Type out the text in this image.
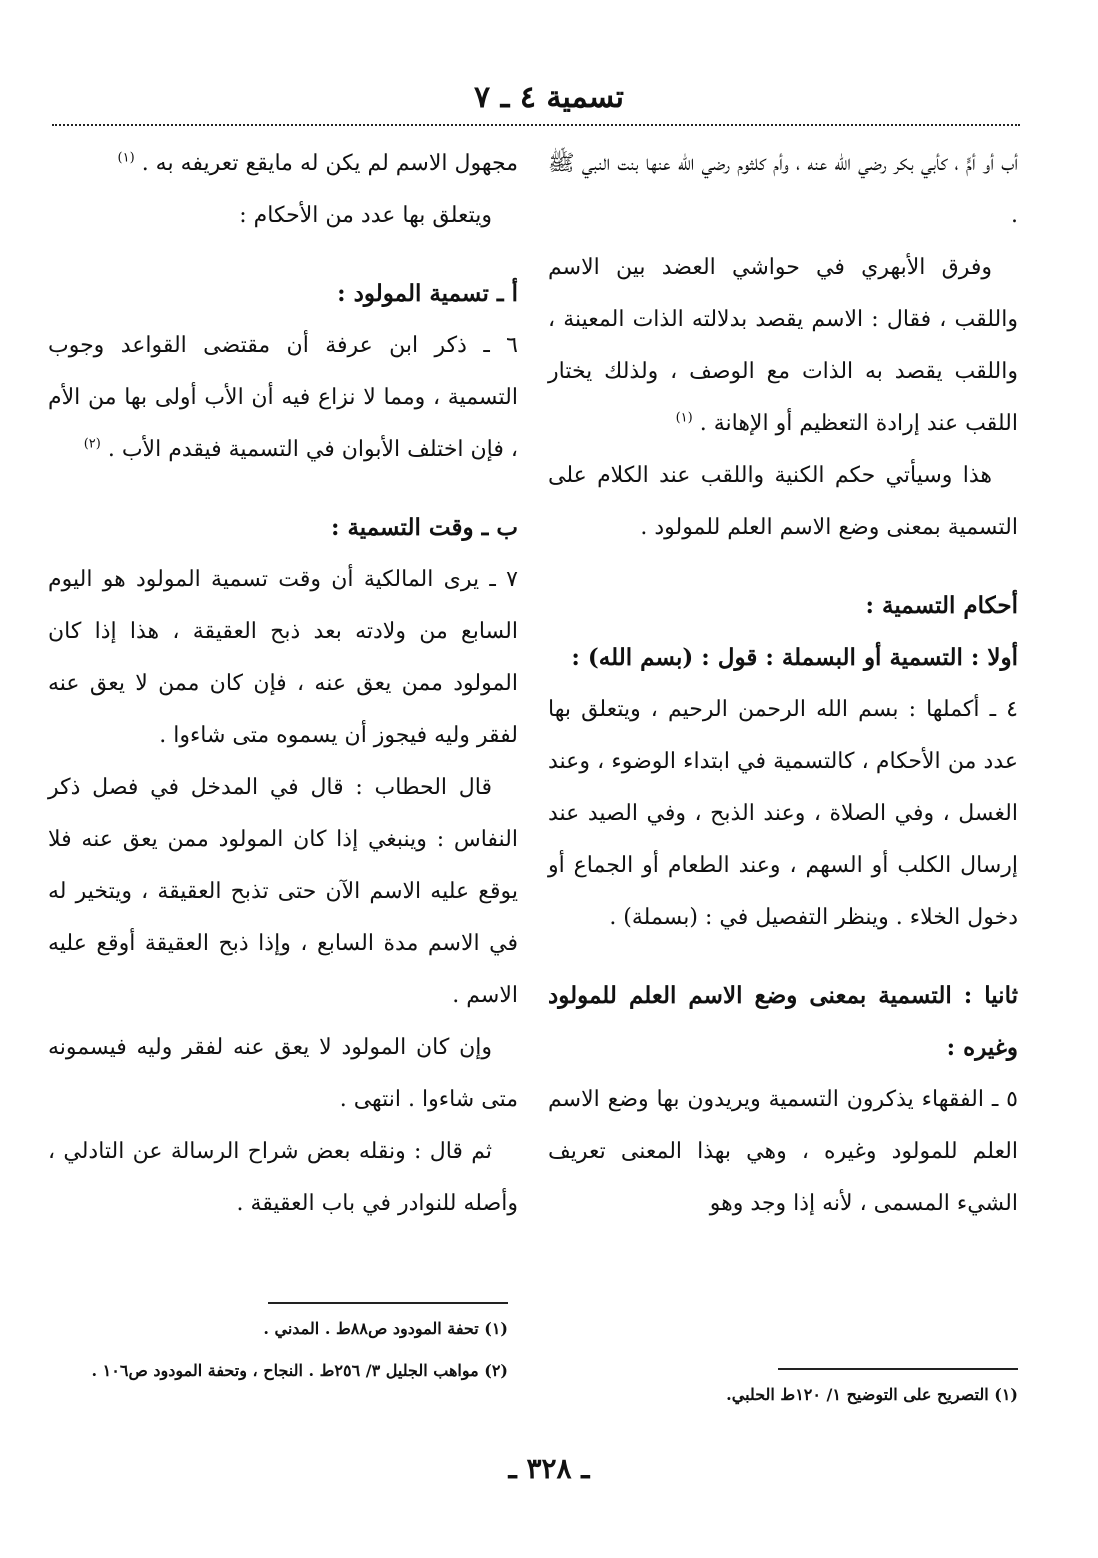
تسمية ٤ ـ ٧

أب أو أمٍّ ، كأبي بكر رضي الله عنه ، وأم كلثوم رضي الله عنها بنت النبي ﷺ .

وفرق الأبهري في حواشي العضد بين الاسم واللقب ، فقال : الاسم يقصد بدلالته الذات المعينة ، واللقب يقصد به الذات مع الوصف ، ولذلك يختار اللقب عند إرادة التعظيم أو الإهانة . $^{(١)}$

هذا وسيأتي حكم الكنية واللقب عند الكلام على التسمية بمعنى وضع الاسم العلم للمولود .

أحكام التسمية :
أولا : التسمية أو البسملة : قول : (بسم الله) :

٤ ـ أكملها : بسم الله الرحمن الرحيم ، ويتعلق بها عدد من الأحكام ، كالتسمية في ابتداء الوضوء ، وعند الغسل ، وفي الصلاة ، وعند الذبح ، وفي الصيد عند إرسال الكلب أو السهم ، وعند الطعام أو الجماع أو دخول الخلاء . وينظر التفصيل في : (بسملة) .

ثانيا : التسمية بمعنى وضع الاسم العلم للمولود وغيره :

٥ ـ الفقهاء يذكرون التسمية ويريدون بها وضع الاسم العلم للمولود وغيره ، وهي بهذا المعنى تعريف الشيء المسمى ، لأنه إذا وجد وهو

(١) التصريح على التوضيح ١/ ١٢٠ط الحلبي.

مجهول الاسم لم يكن له مايقع تعريفه به . $^{(١)}$

ويتعلق بها عدد من الأحكام :

أ ـ تسمية المولود :

٦ ـ ذكر ابن عرفة أن مقتضى القواعد وجوب التسمية ، ومما لا نزاع فيه أن الأب أولى بها من الأم ، فإن اختلف الأبوان في التسمية فيقدم الأب . $^{(٢)}$

ب ـ وقت التسمية :

٧ ـ يرى المالكية أن وقت تسمية المولود هو اليوم السابع من ولادته بعد ذبح العقيقة ، هذا إذا كان المولود ممن يعق عنه ، فإن كان ممن لا يعق عنه لفقر وليه فيجوز أن يسموه متى شاءوا .

قال الحطاب : قال في المدخل في فصل ذكر النفاس : وينبغي إذا كان المولود ممن يعق عنه فلا يوقع عليه الاسم الآن حتى تذبح العقيقة ، ويتخير له في الاسم مدة السابع ، وإذا ذبح العقيقة أوقع عليه الاسم .

وإن كان المولود لا يعق عنه لفقر وليه فيسمونه متى شاءوا . انتهى .

ثم قال : ونقله بعض شراح الرسالة عن التادلي ، وأصله للنوادر في باب العقيقة .

(١) تحفة المودود ص٨٨ط . المدني .
(٢) مواهب الجليل ٣/ ٢٥٦ط . النجاح ، وتحفة المودود ص١٠٦ .
ـ ٣٢٨ ـ
